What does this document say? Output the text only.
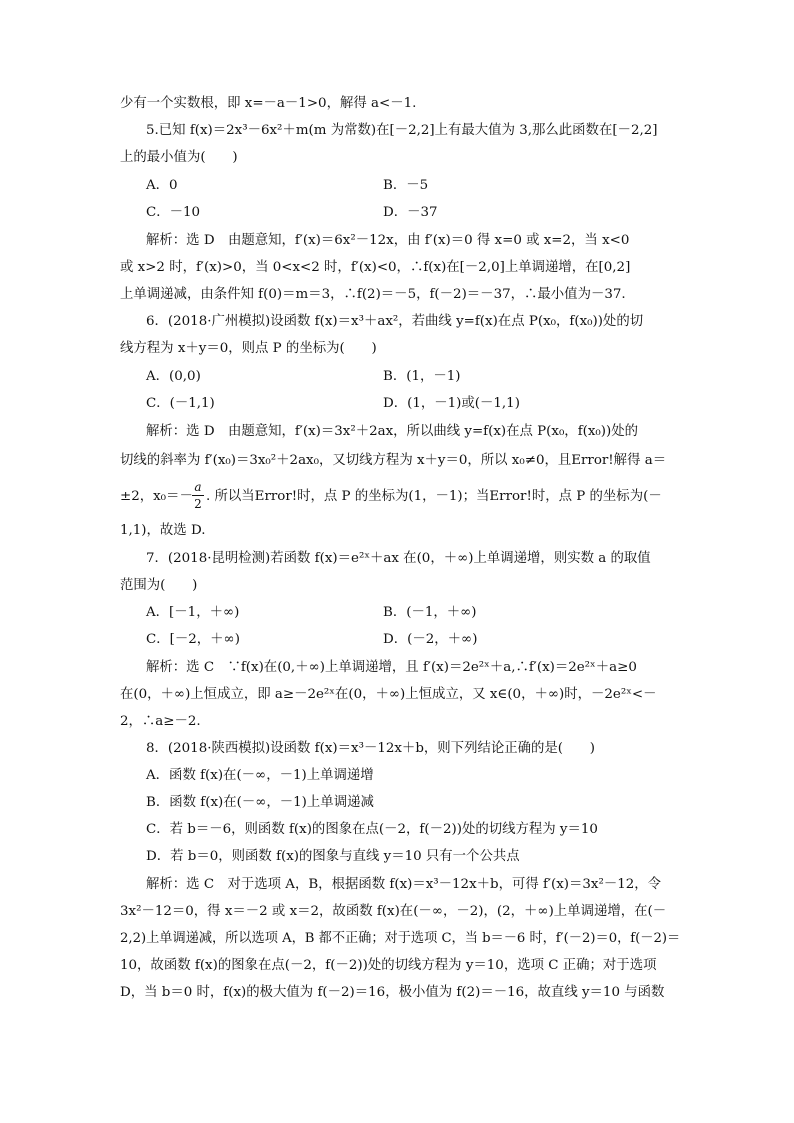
少有一个实数根，即 x=－a－1>0，解得 a<－1.
5.已知 f(x)＝2x³－6x²＋m(m 为常数)在[－2,2]上有最大值为 3,那么此函数在[－2,2]
上的最小值为(　　)
A．0	B．－5
C．－10	D．－37
解析：选 D　由题意知，f′(x)＝6x²－12x，由 f′(x)＝0 得 x=0 或 x=2，当 x<0
或 x>2 时，f′(x)>0，当 0<x<2 时，f′(x)<0，∴f(x)在[－2,0]上单调递增，在[0,2]
上单调递减，由条件知 f(0)＝m＝3，∴f(2)＝－5，f(－2)＝－37，∴最小值为－37.
6．(2018·广州模拟)设函数 f(x)＝x³＋ax²，若曲线 y=f(x)在点 P(x₀，f(x₀))处的切
线方程为 x＋y＝0，则点 P 的坐标为(　　)
A．(0,0)	B．(1，－1)
C．(－1,1)	D．(1，－1)或(－1,1)
解析：选 D　由题意知，f′(x)＝3x²＋2ax，所以曲线 y=f(x)在点 P(x₀，f(x₀))处的
切线的斜率为 f′(x₀)＝3x₀²＋2ax₀，又切线方程为 x＋y＝0，所以 x₀≠0，且Error!解得 a＝
±2，x₀＝－
a
2 . 所以当Error!时，点 P 的坐标为(1，－1)；当Error!时，点 P 的坐标为(－
1,1)，故选 D.
7．(2018·昆明检测)若函数 f(x)＝e²ˣ＋ax 在(0，＋∞)上单调递增，则实数 a 的取值
范围为(　　)
A．[－1，＋∞)	B．(－1，＋∞)
C．[－2，＋∞)	D．(－2，＋∞)
解析：选 C　∵f(x)在(0,＋∞)上单调递增，且 f′(x)＝2e²ˣ＋a,∴f′(x)＝2e²ˣ＋a≥0
在(0，＋∞)上恒成立，即 a≥－2e²ˣ在(0，＋∞)上恒成立，又 x∈(0，＋∞)时，－2e²ˣ<－
2，∴a≥－2.
8．(2018·陕西模拟)设函数 f(x)＝x³－12x＋b，则下列结论正确的是(　　)
A．函数 f(x)在(－∞，－1)上单调递增
B．函数 f(x)在(－∞，－1)上单调递减
C．若 b＝－6，则函数 f(x)的图象在点(－2，f(－2))处的切线方程为 y＝10
D．若 b＝0，则函数 f(x)的图象与直线 y＝10 只有一个公共点
解析：选 C　对于选项 A，B，根据函数 f(x)＝x³－12x＋b，可得 f′(x)＝3x²－12，令
3x²－12＝0，得 x＝－2 或 x＝2，故函数 f(x)在(－∞，－2)，(2，＋∞)上单调递增，在(－
2,2)上单调递减，所以选项 A，B 都不正确；对于选项 C，当 b＝－6 时，f′(－2)＝0，f(－2)＝
10，故函数 f(x)的图象在点(－2，f(－2))处的切线方程为 y＝10，选项 C 正确；对于选项
D，当 b＝0 时，f(x)的极大值为 f(－2)＝16，极小值为 f(2)＝－16，故直线 y＝10 与函数
